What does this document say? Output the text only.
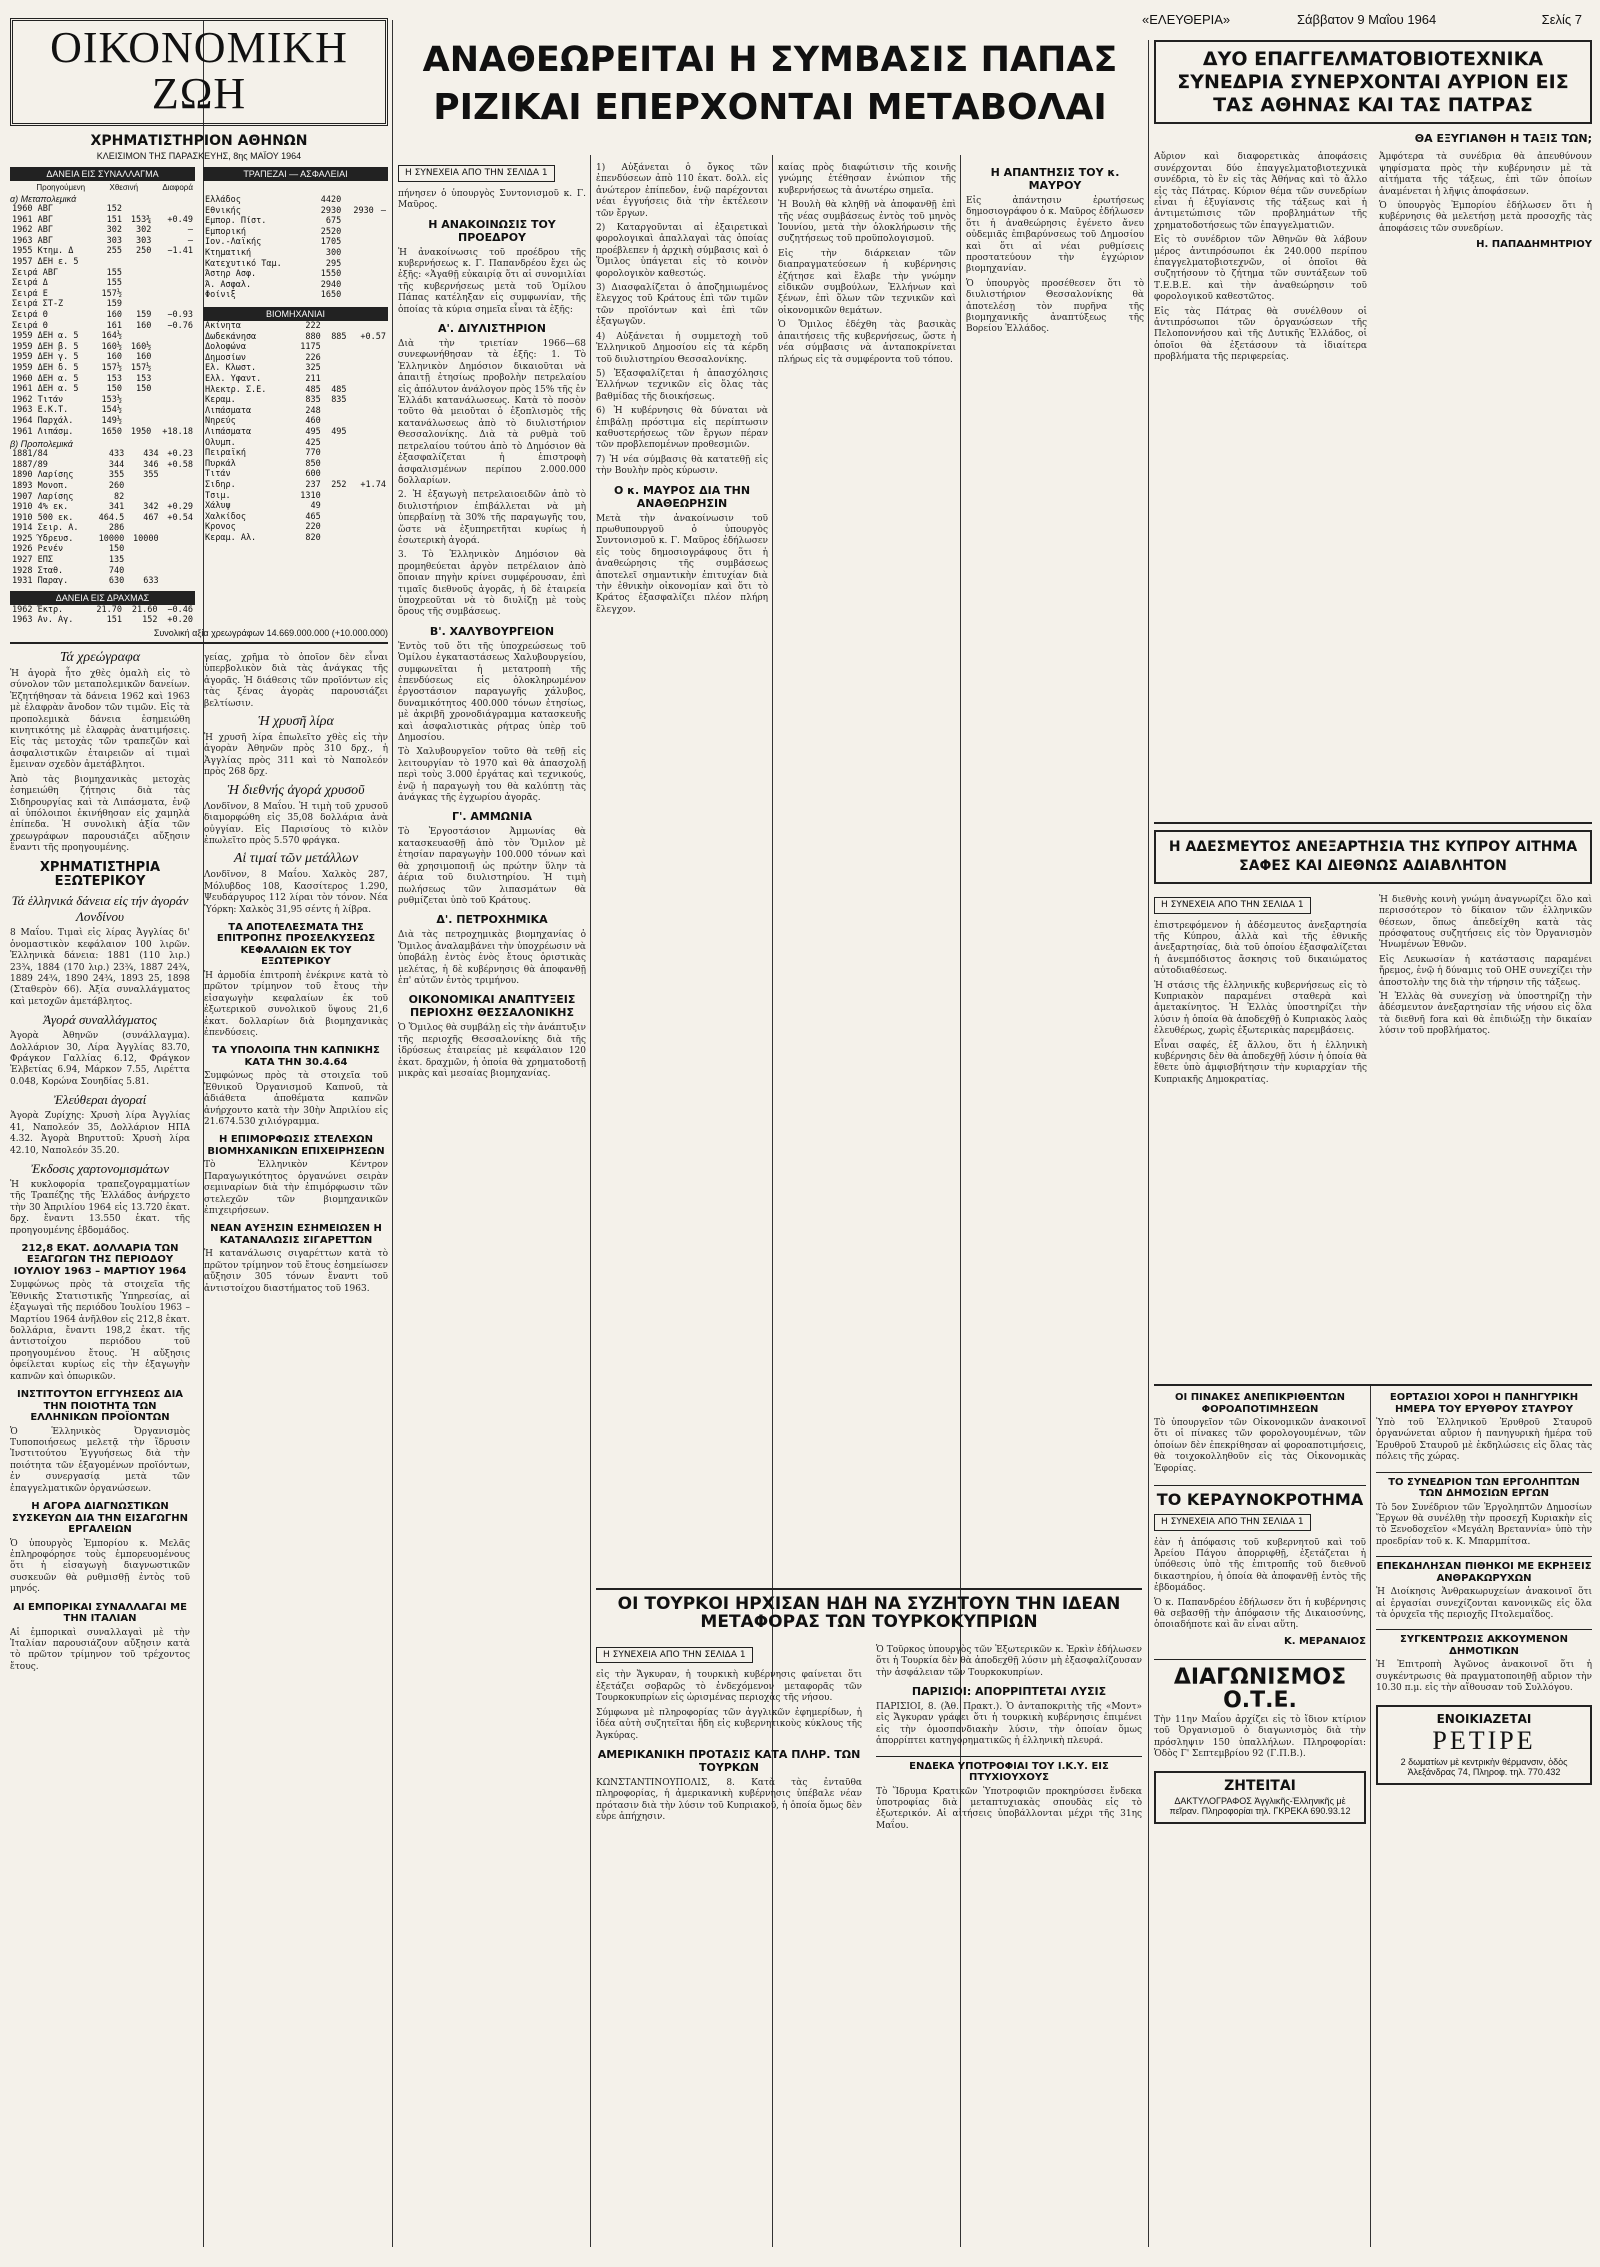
«ΕΛΕΥΘΕΡΙΑ»	Σάββατον 9 Μαΐου 1964	Σελίς 7
ΟΙΚΟΝΟΜΙΚΗ ΖΩΗ
ΧΡΗΜΑΤΙΣΤΗΡΙΟΝ ΑΘΗΝΩΝ
ΚΛΕΙΣΙΜΟΝ ΤΗΣ ΠΑΡΑΣΚΕΥΗΣ, 8ης ΜΑΪΟΥ 1964
ΔΑΝΕΙΑ ΕΙΣ ΣΥΝΑΛΛΑΓΜΑ
Προηγούμενη	Χθεσινή	Διαφορά
α) Μεταπολεμικά
1960 ΑΒΓ	152		
1961 ΑΒΓ	151	153¾	+0.49
1962 ΑΒΓ	302	302	—
1963 ΑΒΓ	303	303	—
1955 Κτημ. Δ	255	250	−1.41
1957 ΔΕΗ ε. 5			
Σειρά ΑΒΓ	155		
Σειρά Δ	155		
Σειρά Ε	157½		
Σειρά ΣΤ-Ζ	159		
Σειρά Θ	160	159	−0.93
Σειρά Θ	161	160	−0.76
1959 ΔΕΗ α. 5	164½		
1959 ΔΕΗ β. 5	160½	160½	
1959 ΔΕΗ γ. 5	160	160	
1959 ΔΕΗ δ. 5	157½	157½	
1960 ΔΕΗ α. 5	153	153	
1961 ΔΕΗ α. 5	150	150	
1962 Τιτάν	153½		
1963 Ε.Κ.Τ.	154½		
1964 Παρχάλ.	149½		
1961 Λιπάσμ.	1650	1950	+18.18
β) Προπολεμικά
1881/84	433	434	+0.23
1887/89	344	346	+0.58
1890 Λαρίσης	355	355	
1893 Μονοπ.	260		
1907 Λαρίσης	82		
1910 4% εκ.	341	342	+0.29
1910 500 εκ.	464.5	467	+0.54
1914 Σειρ. Α.	286		
1925 Ύδρευσ.	10000	10000	
1926 Ρενέν	150		
1927 ΕΠΣ	135		
1928 Σταθ.	740		
1931 Παραγ.	630	633	
ΔΑΝΕΙΑ ΕΙΣ ΔΡΑΧΜΑΣ
1962 Έκτρ.	21.70	21.60	−0.46
1963 Αν. Αγ.	151	152	+0.20
ΤΡΑΠΕΖΑΙ — ΑΣΦΑΛΕΙΑΙ
Ελλάδος	4420		
Εθνικής	2930	2930	—
Εμπορ. Πίστ.	675		
Εμπορική	2520		
Ιον.-Λαϊκής	1705		
Κτηματική	300		
Κατεχυτικό Ταμ.	295		
Άστηρ Ασφ.	1550		
Ά. Ασφαλ.	2940		
Φοίνιξ	1650		
ΒΙΟΜΗΧΑΝΙΑΙ
Ακίνητα	222		
Δωδεκάνησα	880	885	+0.57
Δολοφώνα	1175		
Δημοσίων	226		
Ελ. Κλωστ.	325		
Ελλ. Υφαντ.	211		
Ηλεκτρ. Σ.Ε.	485	485	
Κεραμ.	835	835	
Λιπάσματα	248		
Νηρεύς	460		
Λιπάσματα	495	495	
Ολυμπ.	425		
Πειραϊκή	770		
Πυρκάλ	850		
Τιτάν	600		
Σιδηρ.	237	252	+1.74
Τσιμ.	1310		
Χάλυψ	49		
Χαλκίδος	465		
Κρονος	220		
Κεραμ. Αλ.	820		
Συνολική αξία χρεωγράφων 14.669.000.000 (+10.000.000)
Τά χρεώγραφα

Ἡ ἀγορὰ ἦτο χθὲς ὁμαλὴ εἰς τὸ σύνολον τῶν μεταπολεμικῶν δανείων. Ἐζητήθησαν τὰ δάνεια 1962 καὶ 1963 μὲ ἐλαφρὰν ἄνοδον τῶν τιμῶν. Εἰς τὰ προπολεμικὰ δάνεια ἐσημειώθη κινητικότης μὲ ἐλαφρὰς ἀνατιμήσεις. Εἰς τὰς μετοχὰς τῶν τραπεζῶν καὶ ἀσφαλιστικῶν ἑταιρειῶν αἱ τιμαὶ ἔμειναν σχεδὸν ἀμετάβλητοι.

Ἀπὸ τὰς βιομηχανικὰς μετοχὰς ἐσημειώθη ζήτησις διὰ τὰς Σιδηρουργίας καὶ τὰ Λιπάσματα, ἐνῷ αἱ ὑπόλοιποι ἐκινήθησαν εἰς χαμηλὰ ἐπίπεδα. Ἡ συνολικὴ ἀξία τῶν χρεωγράφων παρουσιάζει αὔξησιν ἔναντι τῆς προηγουμένης.

ΧΡΗΜΑΤΙΣΤΗΡΙΑ ΕΞΩΤΕΡΙΚΟΥ
Τά ἑλληνικά δάνεια εἰς τήν ἀγοράν Λονδίνου

8 Μαΐου. Τιμαὶ εἰς λίρας Ἀγγλίας δι' ὀνομαστικὸν κεφάλαιον 100 λιρῶν. Ἑλληνικὰ δάνεια: 1881 (110 λιρ.) 23¾, 1884 (170 λιρ.) 23¾, 1887 24¾, 1889 24¾, 1890 24¾, 1893 25, 1898 (Σταθερὸν 66). Ἀξία συναλλάγματος καὶ μετοχῶν ἀμετάβλητος.

Ἀγορά συναλλάγματος

Ἀγορὰ Ἀθηνῶν (συνάλλαγμα). Δολλάριον 30, Λίρα Ἀγγλίας 83.70, Φράγκον Γαλλίας 6.12, Φράγκον Ἑλβετίας 6.94, Μάρκον 7.55, Λιρέττα 0.048, Κορώνα Σουηδίας 5.81.

Ἐλεύθεραι ἀγοραί

Ἀγορὰ Ζυρίχης: Χρυσὴ λίρα Ἀγγλίας 41, Ναπολεόν 35, Δολλάριον ΗΠΑ 4.32. Ἀγορὰ Βηρυττοῦ: Χρυσὴ λίρα 42.10, Ναπολεόν 35.20.

Ἐκδοσις χαρτονομισμάτων

Ἡ κυκλοφορία τραπεζογραμματίων τῆς Τραπέζης τῆς Ἑλλάδος ἀνήρχετο τὴν 30 Ἀπριλίου 1964 εἰς 13.720 ἑκατ. δρχ. ἔναντι 13.550 ἑκατ. τῆς προηγουμένης ἑβδομάδος.

212,8 ΕΚΑΤ. ΔΟΛΛΑΡΙΑ ΤΩΝ ΕΞΑΓΩΓΩΝ ΤΗΣ ΠΕΡΙΟΔΟΥ ΙΟΥΛΙΟΥ 1963 – ΜΑΡΤΙΟΥ 1964

Συμφώνως πρὸς τὰ στοιχεῖα τῆς Ἐθνικῆς Στατιστικῆς Ὑπηρεσίας, αἱ ἐξαγωγαὶ τῆς περιόδου Ἰουλίου 1963 – Μαρτίου 1964 ἀνῆλθον εἰς 212,8 ἑκατ. δολλάρια, ἔναντι 198,2 ἑκατ. τῆς ἀντιστοίχου περιόδου τοῦ προηγουμένου ἔτους. Ἡ αὔξησις ὀφείλεται κυρίως εἰς τὴν ἐξαγωγὴν καπνῶν καὶ ὀπωρικῶν.

ΙΝΣΤΙΤΟΥΤΟΝ ΕΓΓΥΗΣΕΩΣ ΔΙΑ ΤΗΝ ΠΟΙΟΤΗΤΑ ΤΩΝ ΕΛΛΗΝΙΚΩΝ ΠΡΟΪΟΝΤΩΝ

Ὁ Ἑλληνικὸς Ὀργανισμὸς Τυποποιήσεως μελετᾷ τὴν ἵδρυσιν Ἰνστιτούτου Ἐγγυήσεως διὰ τὴν ποιότητα τῶν ἐξαγομένων προϊόντων, ἐν συνεργασίᾳ μετὰ τῶν ἐπαγγελματικῶν ὀργανώσεων.

Η ΑΓΟΡΑ ΔΙΑΓΝΩΣΤΙΚΩΝ ΣΥΣΚΕΥΩΝ ΔΙΑ ΤΗΝ ΕΙΣΑΓΩΓΗΝ ΕΡΓΑΛΕΙΩΝ

Ὁ ὑπουργὸς Ἐμπορίου κ. Μελᾶς ἐπληροφόρησε τοὺς ἐμπορευομένους ὅτι ἡ εἰσαγωγὴ διαγνωστικῶν συσκευῶν θὰ ρυθμισθῇ ἐντὸς τοῦ μηνός.

ΑΙ ΕΜΠΟΡΙΚΑΙ ΣΥΝΑΛΛΑΓΑΙ ΜΕ ΤΗΝ ΙΤΑΛΙΑΝ

Αἱ ἐμπορικαὶ συναλλαγαὶ μὲ τὴν Ἰταλίαν παρουσιάζουν αὔξησιν κατὰ τὸ πρῶτον τρίμηνον τοῦ τρέχοντος ἔτους.

γείας, χρῆμα τὸ ὁποῖον δὲν εἶναι ὑπερβολικὸν διὰ τὰς ἀνάγκας τῆς ἀγορᾶς. Ἡ διάθεσις τῶν προϊόντων εἰς τὰς ξένας ἀγορὰς παρουσιάζει βελτίωσιν.

Ἡ χρυσῆ λίρα

Ἡ χρυσῆ λίρα ἐπωλεῖτο χθὲς εἰς τὴν ἀγορὰν Ἀθηνῶν πρὸς 310 δρχ., ἡ Ἀγγλίας πρὸς 311 καὶ τὸ Ναπολεόν πρὸς 268 δρχ.

Ἡ διεθνής ἀγορά χρυσοῦ

Λονδῖνον, 8 Μαΐου. Ἡ τιμὴ τοῦ χρυσοῦ διαμορφώθη εἰς 35,08 δολλάρια ἀνὰ οὐγγίαν. Εἰς Παρισίους τὸ κιλὸν ἐπωλεῖτο πρὸς 5.570 φράγκα.

Αἱ τιμαί τῶν μετάλλων

Λονδῖνον, 8 Μαΐου. Χαλκὸς 287, Μόλυβδος 108, Κασσίτερος 1.290, Ψευδάργυρος 112 λίραι τὸν τόνον. Νέα Ὑόρκη: Χαλκὸς 31,95 σέντς ἡ λίβρα.

ΤΑ ΑΠΟΤΕΛΕΣΜΑΤΑ ΤΗΣ ΕΠΙΤΡΟΠΗΣ ΠΡΟΣΕΛΚΥΣΕΩΣ ΚΕΦΑΛΑΙΩΝ ΕΚ ΤΟΥ ΕΞΩΤΕΡΙΚΟΥ

Ἡ ἁρμοδία ἐπιτροπὴ ἐνέκρινε κατὰ τὸ πρῶτον τρίμηνον τοῦ ἔτους τὴν εἰσαγωγὴν κεφαλαίων ἐκ τοῦ ἐξωτερικοῦ συνολικοῦ ὕψους 21,6 ἑκατ. δολλαρίων διὰ βιομηχανικὰς ἐπενδύσεις.

ΤΑ ΥΠΟΛΟΙΠΑ ΤΗΝ ΚΑΠΝΙΚΗΣ ΚΑΤΑ ΤΗΝ 30.4.64

Συμφώνως πρὸς τὰ στοιχεῖα τοῦ Ἐθνικοῦ Ὀργανισμοῦ Καπνοῦ, τὰ ἀδιάθετα ἀποθέματα καπνῶν ἀνήρχοντο κατὰ τὴν 30ὴν Ἀπριλίου εἰς 21.674.530 χιλιόγραμμα.

Η ΕΠΙΜΟΡΦΩΣΙΣ ΣΤΕΛΕΧΩΝ ΒΙΟΜΗΧΑΝΙΚΩΝ ΕΠΙΧΕΙΡΗΣΕΩΝ

Τὸ Ἑλληνικὸν Κέντρον Παραγωγικότητος ὀργανώνει σειρὰν σεμιναρίων διὰ τὴν ἐπιμόρφωσιν τῶν στελεχῶν τῶν βιομηχανικῶν ἐπιχειρήσεων.

ΝΕΑΝ ΑΥΞΗΣΙΝ ΕΣΗΜΕΙΩΣΕΝ Η ΚΑΤΑΝΑΛΩΣΙΣ ΣΙΓΑΡΕΤΤΩΝ

Ἡ κατανάλωσις σιγαρέττων κατὰ τὸ πρῶτον τρίμηνον τοῦ ἔτους ἐσημείωσεν αὔξησιν 305 τόνων ἔναντι τοῦ ἀντιστοίχου διαστήματος τοῦ 1963.

ΑΝΑΘΕΩΡΕΙΤΑΙ Η ΣΥΜΒΑΣΙΣ ΠΑΠΑΣ
ΡΙΖΙΚΑΙ ΕΠΕΡΧΟΝΤΑΙ ΜΕΤΑΒΟΛΑΙ
Η ΣΥΝΕΧΕΙΑ ΑΠΟ ΤΗΝ ΣΕΛΙΔΑ 1

πήνησεν ὁ ὑπουργὸς Συντονισμοῦ κ. Γ. Μαῦρος.

Η ΑΝΑΚΟΙΝΩΣΙΣ ΤΟΥ ΠΡΟΕΔΡΟΥ

Ἡ ἀνακοίνωσις τοῦ προέδρου τῆς κυβερνήσεως κ. Γ. Παπανδρέου ἔχει ὡς ἑξῆς: «Ἀγαθῇ εὐκαιρίᾳ ὅτι αἱ συνομιλίαι τῆς κυβερνήσεως μετὰ τοῦ Ὁμίλου Πάπας κατέληξαν εἰς συμφωνίαν, τῆς ὁποίας τὰ κύρια σημεῖα εἶναι τὰ ἑξῆς:

Α'. ΔΙΥΛΙΣΤΗΡΙΟΝ

Διὰ τὴν τριετίαν 1966—68 συνεφωνήθησαν τὰ ἑξῆς: 1. Τὸ Ἑλληνικὸν Δημόσιον δικαιοῦται νὰ ἀπαιτῇ ἐτησίως προβολὴν πετρελαίου εἰς ἀπόλυτον ἀνάλογον πρὸς 15% τῆς ἐν Ἑλλάδι κατανάλωσεως. Κατὰ τὸ ποσὸν τοῦτο θὰ μειοῦται ὁ ἐξοπλισμὸς τῆς κατανάλωσεως ἀπὸ τὸ διυλιστήριον Θεσσαλονίκης. Διὰ τὰ ρυθμὰ τοῦ πετρελαίου τούτου ἀπὸ τὸ Δημόσιον θὰ ἐξασφαλίζεται ἡ ἐπιστροφὴ ἀσφαλισμένων περίπου 2.000.000 δολλαρίων.

2. Ἡ ἐξαγωγὴ πετρελαιοειδῶν ἀπὸ τὸ διυλιστήριον ἐπιβάλλεται νὰ μὴ ὑπερβαίνῃ τὰ 30% τῆς παραγωγῆς του, ὥστε νὰ ἐξυπηρετῆται κυρίως ἡ ἐσωτερικὴ ἀγορά.

3. Τὸ Ἑλληνικὸν Δημόσιον θὰ προμηθεύεται ἀργὸν πετρέλαιον ἀπὸ ὅποιαν πηγὴν κρίνει συμφέρουσαν, ἐπὶ τιμαῖς διεθνοῦς ἀγορᾶς, ἡ δὲ ἐταιρεία ὑποχρεοῦται νὰ τὸ διυλίζῃ μὲ τοὺς ὅρους τῆς συμβάσεως.

Β'. ΧΑΛΥΒΟΥΡΓΕΙΟΝ

Ἐντὸς τοῦ ὅτι τῆς ὑποχρεώσεως τοῦ Ὁμίλου ἐγκαταστάσεως Χαλυβουργείου, συμφωνεῖται ἡ μετατροπὴ τῆς ἐπενδύσεως εἰς ὁλοκληρωμένον ἐργοστάσιον παραγωγῆς χάλυβος, δυναμικότητος 400.000 τόνων ἐτησίως, μὲ ἀκριβῆ χρονοδιάγραμμα κατασκευῆς καὶ ἀσφαλιστικὰς ρήτρας ὑπὲρ τοῦ Δημοσίου.

Τὸ Χαλυβουργεῖον τοῦτο θὰ τεθῇ εἰς λειτουργίαν τὸ 1970 καὶ θὰ ἀπασχολῇ περὶ τοὺς 3.000 ἐργάτας καὶ τεχνικούς, ἐνῷ ἡ παραγωγὴ του θὰ καλύπτῃ τὰς ἀνάγκας τῆς ἐγχωρίου ἀγορᾶς.

Γ'. ΑΜΜΩΝΙΑ

Τὸ Ἐργοστάσιον Ἀμμωνίας θὰ κατασκευασθῇ ἀπὸ τὸν Ὅμιλον μὲ ἐτησίαν παραγωγὴν 100.000 τόνων καὶ θὰ χρησιμοποιῇ ὡς πρώτην ὕλην τὰ ἀέρια τοῦ διυλιστηρίου. Ἡ τιμὴ πωλήσεως τῶν λιπασμάτων θὰ ρυθμίζεται ὑπὸ τοῦ Κράτους.

Δ'. ΠΕΤΡΟΧΗΜΙΚΑ

Διὰ τὰς πετροχημικὰς βιομηχανίας ὁ Ὅμιλος ἀναλαμβάνει τὴν ὑποχρέωσιν νὰ ὑποβάλῃ ἐντὸς ἑνὸς ἔτους ὁριστικὰς μελέτας, ἡ δὲ κυβέρνησις θὰ ἀποφανθῇ ἐπ' αὐτῶν ἐντὸς τριμήνου.

ΟΙΚΟΝΟΜΙΚΑΙ ΑΝΑΠΤΥΞΕΙΣ ΠΕΡΙΟΧΗΣ ΘΕΣΣΑΛΟΝΙΚΗΣ

Ὁ Ὅμιλος θὰ συμβάλῃ εἰς τὴν ἀνάπτυξιν τῆς περιοχῆς Θεσσαλονίκης διὰ τῆς ἱδρύσεως ἑταιρείας μὲ κεφάλαιον 120 ἑκατ. δραχμῶν, ἡ ὁποία θὰ χρηματοδοτῇ μικρὰς καὶ μεσαίας βιομηχανίας.

1) Αὐξάνεται ὁ ὄγκος τῶν ἐπενδύσεων ἀπὸ 110 ἑκατ. δολλ. εἰς ἀνώτερον ἐπίπεδον, ἐνῷ παρέχονται νέαι ἐγγυήσεις διὰ τὴν ἐκτέλεσιν τῶν ἔργων.

2) Καταργοῦνται αἱ ἐξαιρετικαὶ φορολογικαὶ ἀπαλλαγαὶ τὰς ὁποίας προέβλεπεν ἡ ἀρχικὴ σύμβασις καὶ ὁ Ὅμιλος ὑπάγεται εἰς τὸ κοινὸν φορολογικὸν καθεστώς.

3) Διασφαλίζεται ὁ ἀποζημιωμένος ἔλεγχος τοῦ Κράτους ἐπὶ τῶν τιμῶν τῶν προϊόντων καὶ ἐπὶ τῶν ἐξαγωγῶν.

4) Αὐξάνεται ἡ συμμετοχὴ τοῦ Ἑλληνικοῦ Δημοσίου εἰς τὰ κέρδη τοῦ διυλιστηρίου Θεσσαλονίκης.

5) Ἐξασφαλίζεται ἡ ἀπασχόλησις Ἑλλήνων τεχνικῶν εἰς ὅλας τὰς βαθμίδας τῆς διοικήσεως.

6) Ἡ κυβέρνησις θὰ δύναται νὰ ἐπιβάλῃ πρόστιμα εἰς περίπτωσιν καθυστερήσεως τῶν ἔργων πέραν τῶν προβλεπομένων προθεσμιῶν.

7) Ἡ νέα σύμβασις θὰ κατατεθῇ εἰς τὴν Βουλὴν πρὸς κύρωσιν.

Ο κ. ΜΑΥΡΟΣ ΔΙΑ ΤΗΝ ΑΝΑΘΕΩΡΗΣΙΝ

Μετὰ τὴν ἀνακοίνωσιν τοῦ πρωθυπουργοῦ ὁ ὑπουργὸς Συντονισμοῦ κ. Γ. Μαῦρος ἐδήλωσεν εἰς τοὺς δημοσιογράφους ὅτι ἡ ἀναθεώρησις τῆς συμβάσεως ἀποτελεῖ σημαντικὴν ἐπιτυχίαν διὰ τὴν ἐθνικὴν οἰκονομίαν καὶ ὅτι τὸ Κράτος ἐξασφαλίζει πλέον πλήρη ἔλεγχον.

καίας πρὸς διαφώτισιν τῆς κοινῆς γνώμης ἐτέθησαν ἐνώπιον τῆς κυβερνήσεως τὰ ἀνωτέρω σημεῖα.

Ἡ Βουλὴ θὰ κληθῇ νὰ ἀποφανθῇ ἐπὶ τῆς νέας συμβάσεως ἐντὸς τοῦ μηνὸς Ἰουνίου, μετὰ τὴν ὁλοκλήρωσιν τῆς συζητήσεως τοῦ προϋπολογισμοῦ.

Εἰς τὴν διάρκειαν τῶν διαπραγματεύσεων ἡ κυβέρνησις ἐζήτησε καὶ ἔλαβε τὴν γνώμην εἰδικῶν συμβούλων, Ἑλλήνων καὶ ξένων, ἐπὶ ὅλων τῶν τεχνικῶν καὶ οἰκονομικῶν θεμάτων.

Ὁ Ὅμιλος ἐδέχθη τὰς βασικὰς ἀπαιτήσεις τῆς κυβερνήσεως, ὥστε ἡ νέα σύμβασις νὰ ἀνταποκρίνεται πλήρως εἰς τὰ συμφέροντα τοῦ τόπου.

Η ΑΠΑΝΤΗΣΙΣ ΤΟΥ κ. ΜΑΥΡΟΥ

Εἰς ἀπάντησιν ἐρωτήσεως δημοσιογράφου ὁ κ. Μαῦρος ἐδήλωσεν ὅτι ἡ ἀναθεώρησις ἐγένετο ἄνευ οὐδεμιᾶς ἐπιβαρύνσεως τοῦ Δημοσίου καὶ ὅτι αἱ νέαι ρυθμίσεις προστατεύουν τὴν ἐγχώριον βιομηχανίαν.

Ὁ ὑπουργὸς προσέθεσεν ὅτι τὸ διυλιστήριον Θεσσαλονίκης θὰ ἀποτελέσῃ τὸν πυρῆνα τῆς βιομηχανικῆς ἀναπτύξεως τῆς Βορείου Ἑλλάδος.

ΟΙ ΤΟΥΡΚΟΙ ΗΡΧΙΣΑΝ ΗΔΗ ΝΑ ΣΥΖΗΤΟΥΝ ΤΗΝ ΙΔΕΑΝ ΜΕΤΑΦΟΡΑΣ ΤΩΝ ΤΟΥΡΚΟΚΥΠΡΙΩΝ
Η ΣΥΝΕΧΕΙΑ ΑΠΟ ΤΗΝ ΣΕΛΙΔΑ 1

εἰς τὴν Ἄγκυραν, ἡ τουρκικὴ κυβέρνησις φαίνεται ὅτι ἐξετάζει σοβαρῶς τὸ ἐνδεχόμενον μεταφορᾶς τῶν Τουρκοκυπρίων εἰς ὡρισμένας περιοχὰς τῆς νήσου.

Σύμφωνα μὲ πληροφορίας τῶν ἀγγλικῶν ἐφημερίδων, ἡ ἰδέα αὐτὴ συζητεῖται ἤδη εἰς κυβερνητικοὺς κύκλους τῆς Ἀγκύρας.

ΑΜΕΡΙΚΑΝΙΚΗ ΠΡΟΤΑΣΙΣ ΚΑΤΑ ΠΛΗΡ. ΤΩΝ ΤΟΥΡΚΩΝ

ΚΩΝΣΤΑΝΤΙΝΟΥΠΟΛΙΣ, 8. Κατὰ τὰς ἐνταῦθα πληροφορίας, ἡ ἀμερικανικὴ κυβέρνησις ὑπέβαλε νέαν πρότασιν διὰ τὴν λύσιν τοῦ Κυπριακοῦ, ἡ ὁποία ὅμως δὲν εὗρε ἀπήχησιν.

Ὁ Τοῦρκος ὑπουργὸς τῶν Ἐξωτερικῶν κ. Ἐρκὶν ἐδήλωσεν ὅτι ἡ Τουρκία δὲν θὰ ἀποδεχθῇ λύσιν μὴ ἐξασφαλίζουσαν τὴν ἀσφάλειαν τῶν Τουρκοκυπρίων.

ΠΑΡΙΣΙΟΙ: ΑΠΟΡΡΙΠΤΕΤΑΙ ΛΥΣΙΣ

ΠΑΡΙΣΙΟΙ, 8. (Ἀθ. Πρακτ.). Ὁ ἀνταποκριτὴς τῆς «Μοντ» εἰς Ἄγκυραν γράφει ὅτι ἡ τουρκικὴ κυβέρνησις ἐπιμένει εἰς τὴν ὁμοσπονδιακὴν λύσιν, τὴν ὁποίαν ὅμως ἀπορρίπτει κατηγορηματικῶς ἡ ἑλληνικὴ πλευρά.

ΕΝΔΕΚΑ ΥΠΟΤΡΟΦΙΑΙ ΤΟΥ Ι.Κ.Υ. ΕΙΣ ΠΤΥΧΙΟΥΧΟΥΣ

Τὸ Ἵδρυμα Κρατικῶν Ὑποτροφιῶν προκηρύσσει ἕνδεκα ὑποτροφίας διὰ μεταπτυχιακὰς σπουδὰς εἰς τὸ ἐξωτερικόν. Αἱ αἰτήσεις ὑποβάλλονται μέχρι τῆς 31ης Μαΐου.

ΔΥΟ ΕΠΑΓΓΕΛΜΑΤΟΒΙΟΤΕΧΝΙΚΑ ΣΥΝΕΔΡΙΑ ΣΥΝΕΡΧΟΝΤΑΙ ΑΥΡΙΟΝ ΕΙΣ ΤΑΣ ΑΘΗΝΑΣ ΚΑΙ ΤΑΣ ΠΑΤΡΑΣ
ΘΑ ΕΞΥΓΙΑΝΘΗ Η ΤΑΞΙΣ ΤΩΝ;

Αὔριον καὶ διαφορετικὰς ἀποφάσεις συνέρχονται δύο ἐπαγγελματοβιοτεχνικὰ συνέδρια, τὸ ἓν εἰς τὰς Ἀθήνας καὶ τὸ ἄλλο εἰς τὰς Πάτρας. Κύριον θέμα τῶν συνεδρίων εἶναι ἡ ἐξυγίανσις τῆς τάξεως καὶ ἡ ἀντιμετώπισις τῶν προβλημάτων τῆς χρηματοδοτήσεως τῶν ἐπαγγελματιῶν.

Εἰς τὸ συνέδριον τῶν Ἀθηνῶν θὰ λάβουν μέρος ἀντιπρόσωποι ἐκ 240.000 περίπου ἐπαγγελματοβιοτεχνῶν, οἱ ὁποῖοι θὰ συζητήσουν τὸ ζήτημα τῶν συντάξεων τοῦ Τ.Ε.Β.Ε. καὶ τὴν ἀναθεώρησιν τοῦ φορολογικοῦ καθεστῶτος.

Εἰς τὰς Πάτρας θὰ συνέλθουν οἱ ἀντιπρόσωποι τῶν ὀργανώσεων τῆς Πελοποννήσου καὶ τῆς Δυτικῆς Ἑλλάδος, οἱ ὁποῖοι θὰ ἐξετάσουν τὰ ἰδιαίτερα προβλήματα τῆς περιφερείας.

Ἀμφότερα τὰ συνέδρια θὰ ἀπευθύνουν ψηφίσματα πρὸς τὴν κυβέρνησιν μὲ τὰ αἰτήματα τῆς τάξεως, ἐπὶ τῶν ὁποίων ἀναμένεται ἡ λῆψις ἀποφάσεων.

Ὁ ὑπουργὸς Ἐμπορίου ἐδήλωσεν ὅτι ἡ κυβέρνησις θὰ μελετήσῃ μετὰ προσοχῆς τὰς ἀποφάσεις τῶν συνεδρίων.

Η. ΠΑΠΑΔΗΜΗΤΡΙΟΥ
Η ΑΔΕΣΜΕΥΤΟΣ ΑΝΕΞΑΡΤΗΣΙΑ ΤΗΣ ΚΥΠΡΟΥ ΑΙΤΗΜΑ ΣΑΦΕΣ ΚΑΙ ΔΙΕΘΝΩΣ ΑΔΙΑΒΛΗΤΟΝ
Η ΣΥΝΕΧΕΙΑ ΑΠΟ ΤΗΝ ΣΕΛΙΔΑ 1

ἐπιστρεφόμενον ἡ ἀδέσμευτος ἀνεξαρτησία τῆς Κύπρου, ἀλλὰ καὶ τῆς ἐθνικῆς ἀνεξαρτησίας, διὰ τοῦ ὁποίου ἐξασφαλίζεται ἡ ἀνεμπόδιστος ἄσκησις τοῦ δικαιώματος αὐτοδιαθέσεως.

Ἡ στάσις τῆς ἑλληνικῆς κυβερνήσεως εἰς τὸ Κυπριακὸν παραμένει σταθερὰ καὶ ἀμετακίνητος. Ἡ Ἑλλὰς ὑποστηρίζει τὴν λύσιν ἡ ὁποία θὰ ἀποδεχθῇ ὁ Κυπριακὸς λαὸς ἐλευθέρως, χωρὶς ἐξωτερικὰς παρεμβάσεις.

Εἶναι σαφές, ἐξ ἄλλου, ὅτι ἡ ἑλληνικὴ κυβέρνησις δὲν θὰ ἀποδεχθῇ λύσιν ἡ ὁποία θὰ ἔθετε ὑπὸ ἀμφισβήτησιν τὴν κυριαρχίαν τῆς Κυπριακῆς Δημοκρατίας.

Ἡ διεθνὴς κοινὴ γνώμη ἀναγνωρίζει ὅλο καὶ περισσότερον τὸ δίκαιον τῶν ἑλληνικῶν θέσεων, ὅπως ἀπεδείχθη κατὰ τὰς πρόσφατους συζητήσεις εἰς τὸν Ὀργανισμὸν Ἡνωμένων Ἐθνῶν.

Εἰς Λευκωσίαν ἡ κατάστασις παραμένει ἤρεμος, ἐνῷ ἡ δύναμις τοῦ ΟΗΕ συνεχίζει τὴν ἀποστολὴν της διὰ τὴν τήρησιν τῆς τάξεως.

Ἡ Ἑλλὰς θὰ συνεχίσῃ νὰ ὑποστηρίζῃ τὴν ἀδέσμευτον ἀνεξαρτησίαν τῆς νήσου εἰς ὅλα τὰ διεθνῆ fora καὶ θὰ ἐπιδιώξῃ τὴν δικαίαν λύσιν τοῦ προβλήματος.

ΟΙ ΠΙΝΑΚΕΣ ΑΝΕΠΙΚΡΙΘΕΝΤΩΝ ΦΟΡΟΑΠΟΤΙΜΗΣΕΩΝ

Τὸ ὑπουργεῖον τῶν Οἰκονομικῶν ἀνακοινοῖ ὅτι οἱ πίνακες τῶν φορολογουμένων, τῶν ὁποίων δὲν ἐπεκρίθησαν αἱ φοροαποτιμήσεις, θὰ τοιχοκολληθοῦν εἰς τὰς Οἰκονομικὰς Ἐφορίας.

ΤΟ ΚΕΡΑΥΝΟΚΡΟΤΗΜΑ
Η ΣΥΝΕΧΕΙΑ ΑΠΟ ΤΗΝ ΣΕΛΙΔΑ 1

ἐὰν ἡ ἀπόφασις τοῦ κυβερνητοῦ καὶ τοῦ Ἀρείου Πάγου ἀπορριφθῇ, ἐξετάζεται ἡ ὑπόθεσις ὑπὸ τῆς ἐπιτροπῆς τοῦ διεθνοῦ δικαστηρίου, ἡ ὁποία θὰ ἀποφανθῇ ἐντὸς τῆς ἑβδομάδος.

Ὁ κ. Παπανδρέου ἐδήλωσεν ὅτι ἡ κυβέρνησις θὰ σεβασθῇ τὴν ἀπόφασιν τῆς Δικαιοσύνης, ὁποιαδήποτε καὶ ἂν εἶναι αὕτη.

Κ. ΜΕΡΑΝΑΙΟΣ
ΔΙΑΓΩΝΙΣΜΟΣ Ο.Τ.Ε.

Τὴν 11ην Μαΐου ἀρχίζει εἰς τὸ ἴδιον κτίριον τοῦ Ὀργανισμοῦ ὁ διαγωνισμὸς διὰ τὴν πρόσληψιν 150 ὑπαλλήλων. Πληροφορίαι: Ὁδὸς Γ' Σεπτεμβρίου 92 (Γ.Π.Β.).

ΖΗΤΕΙΤΑΙ
ΔΑΚΤΥΛΟΓΡΑΦΟΣ Ἀγγλικῆς-Ἑλληνικῆς μὲ πεῖραν. Πληροφορίαι τηλ. ΓΚΡΕΚΑ 690.93.12
ΕΟΡΤΑΣΙΟΙ ΧΟΡΟΙ Η ΠΑΝΗΓΥΡΙΚΗ ΗΜΕΡΑ ΤΟΥ ΕΡΥΘΡΟΥ ΣΤΑΥΡΟΥ

Ὑπὸ τοῦ Ἑλληνικοῦ Ἐρυθροῦ Σταυροῦ ὀργανώνεται αὔριον ἡ πανηγυρικὴ ἡμέρα τοῦ Ἐρυθροῦ Σταυροῦ μὲ ἐκδηλώσεις εἰς ὅλας τὰς πόλεις τῆς χώρας.

ΤΟ ΣΥΝΕΔΡΙΟΝ ΤΩΝ ΕΡΓΟΛΗΠΤΩΝ ΤΩΝ ΔΗΜΟΣΙΩΝ ΕΡΓΩΝ

Τὸ 5ον Συνέδριον τῶν Ἐργοληπτῶν Δημοσίων Ἔργων θὰ συνέλθῃ τὴν προσεχῆ Κυριακὴν εἰς τὸ Ξενοδοχεῖον «Μεγάλη Βρεταννία» ὑπὸ τὴν προεδρίαν τοῦ κ. Κ. Μπαρμπίτσα.

ΕΠΕΚΔΗΛΗΣΑΝ ΠΙΘΗΚΟΙ ΜΕ ΕΚΡΗΞΕΙΣ ΑΝΘΡΑΚΩΡΥΧΩΝ

Ἡ Διοίκησις Ἀνθρακωρυχείων ἀνακοινοῖ ὅτι αἱ ἐργασίαι συνεχίζονται κανονικῶς εἰς ὅλα τὰ ὀρυχεῖα τῆς περιοχῆς Πτολεμαΐδος.

ΣΥΓΚΕΝΤΡΩΣΙΣ ΑΚΚΟΥΜΕΝΟΝ ΔΗΜΟΤΙΚΩΝ

Ἡ Ἐπιτροπὴ Ἀγῶνος ἀνακοινοῖ ὅτι ἡ συγκέντρωσις θὰ πραγματοποιηθῇ αὔριον τὴν 10.30 π.μ. εἰς τὴν αἴθουσαν τοῦ Συλλόγου.

ΕΝΟΙΚΙΑΖΕΤΑΙ
ΡΕΤΙΡΕ
2 δωματίων μὲ κεντρικὴν θέρμανσιν, ὁδὸς Ἀλεξάνδρας 74, Πληροφ. τηλ. 770.432
